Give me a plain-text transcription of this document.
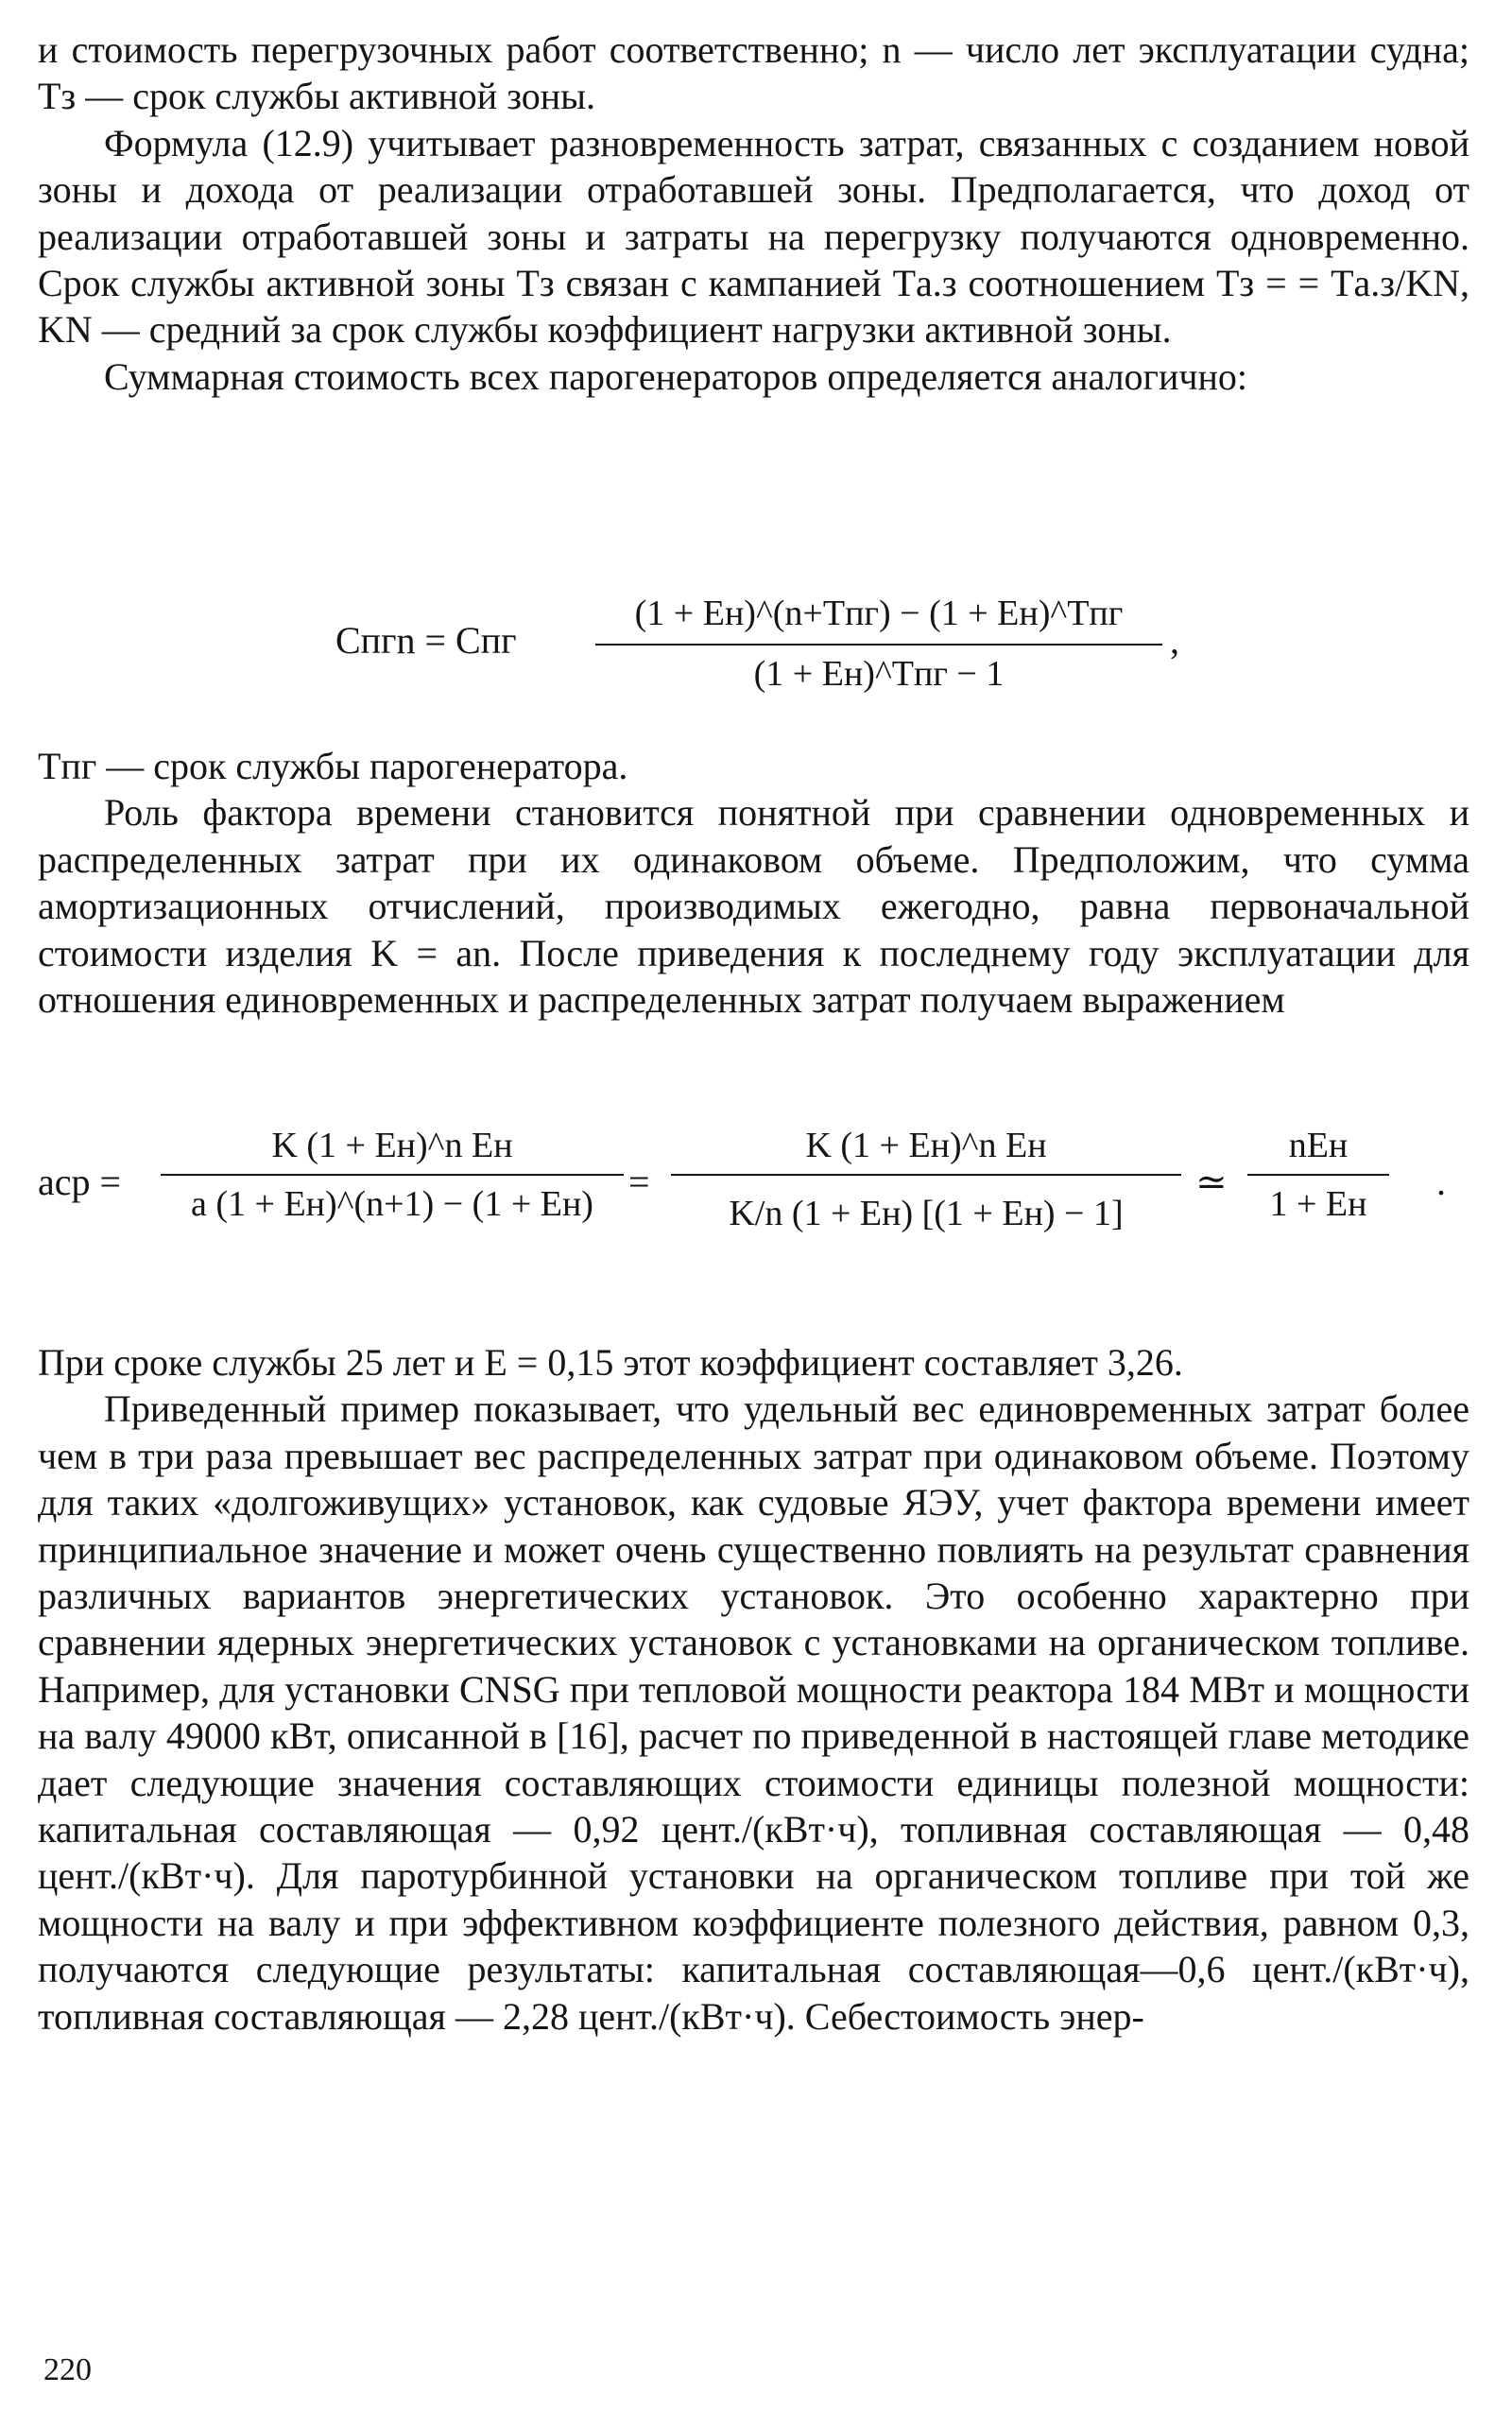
и стоимость перегрузочных работ соответственно; n — число лет эксплуатации судна; Tз — срок службы активной зоны.

Формула (12.9) учитывает разновременность затрат, связанных с созданием новой зоны и дохода от реализации отработавшей зоны. Предполагается, что доход от реализации отработавшей зоны и затраты на перегрузку получаются одновременно. Срок службы активной зоны Tз связан с кампанией Tа.з соотношением Tз = = Tа.з/KN, KN — средний за срок службы коэффициент нагрузки активной зоны.

Суммарная стоимость всех парогенераторов определяется аналогично:

Cпгn = Cпг
(1 + Eн)^(n+Tпг) − (1 + Eн)^Tпг
(1 + Eн)^Tпг − 1
,

Tпг — срок службы парогенератора.

Роль фактора времени становится понятной при сравнении одновременных и распределенных затрат при их одинаковом объеме. Предположим, что сумма амортизационных отчислений, производимых ежегодно, равна первоначальной стоимости изделия K = an. После приведения к последнему году эксплуатации для отношения единовременных и распределенных затрат получаем выражением

aср =
K (1 + Eн)^n Eн
a (1 + Eн)^(n+1) − (1 + Eн)
=
K (1 + Eн)^n Eн
K/n (1 + Eн) [(1 + Eн) − 1]
≃
nEн
1 + Eн
.

При сроке службы 25 лет и E = 0,15 этот коэффициент составляет 3,26.

Приведенный пример показывает, что удельный вес единовременных затрат более чем в три раза превышает вес распределенных затрат при одинаковом объеме. Поэтому для таких «долгоживущих» установок, как судовые ЯЭУ, учет фактора времени имеет принципиальное значение и может очень существенно повлиять на результат сравнения различных вариантов энергетических установок. Это особенно характерно при сравнении ядерных энергетических установок с установками на органическом топливе. Например, для установки CNSG при тепловой мощности реактора 184 МВт и мощности на валу 49000 кВт, описанной в [16], расчет по приведенной в настоящей главе методике дает следующие значения составляющих стоимости единицы полезной мощности: капитальная составляющая — 0,92 цент./(кВт·ч), топливная составляющая — 0,48 цент./(кВт·ч). Для паротурбинной установки на органическом топливе при той же мощности на валу и при эффективном коэффициенте полезного действия, равном 0,3, получаются следующие результаты: капитальная составляющая—0,6 цент./(кВт·ч), топливная составляющая — 2,28 цент./(кВт·ч). Себестоимость энер-

220
